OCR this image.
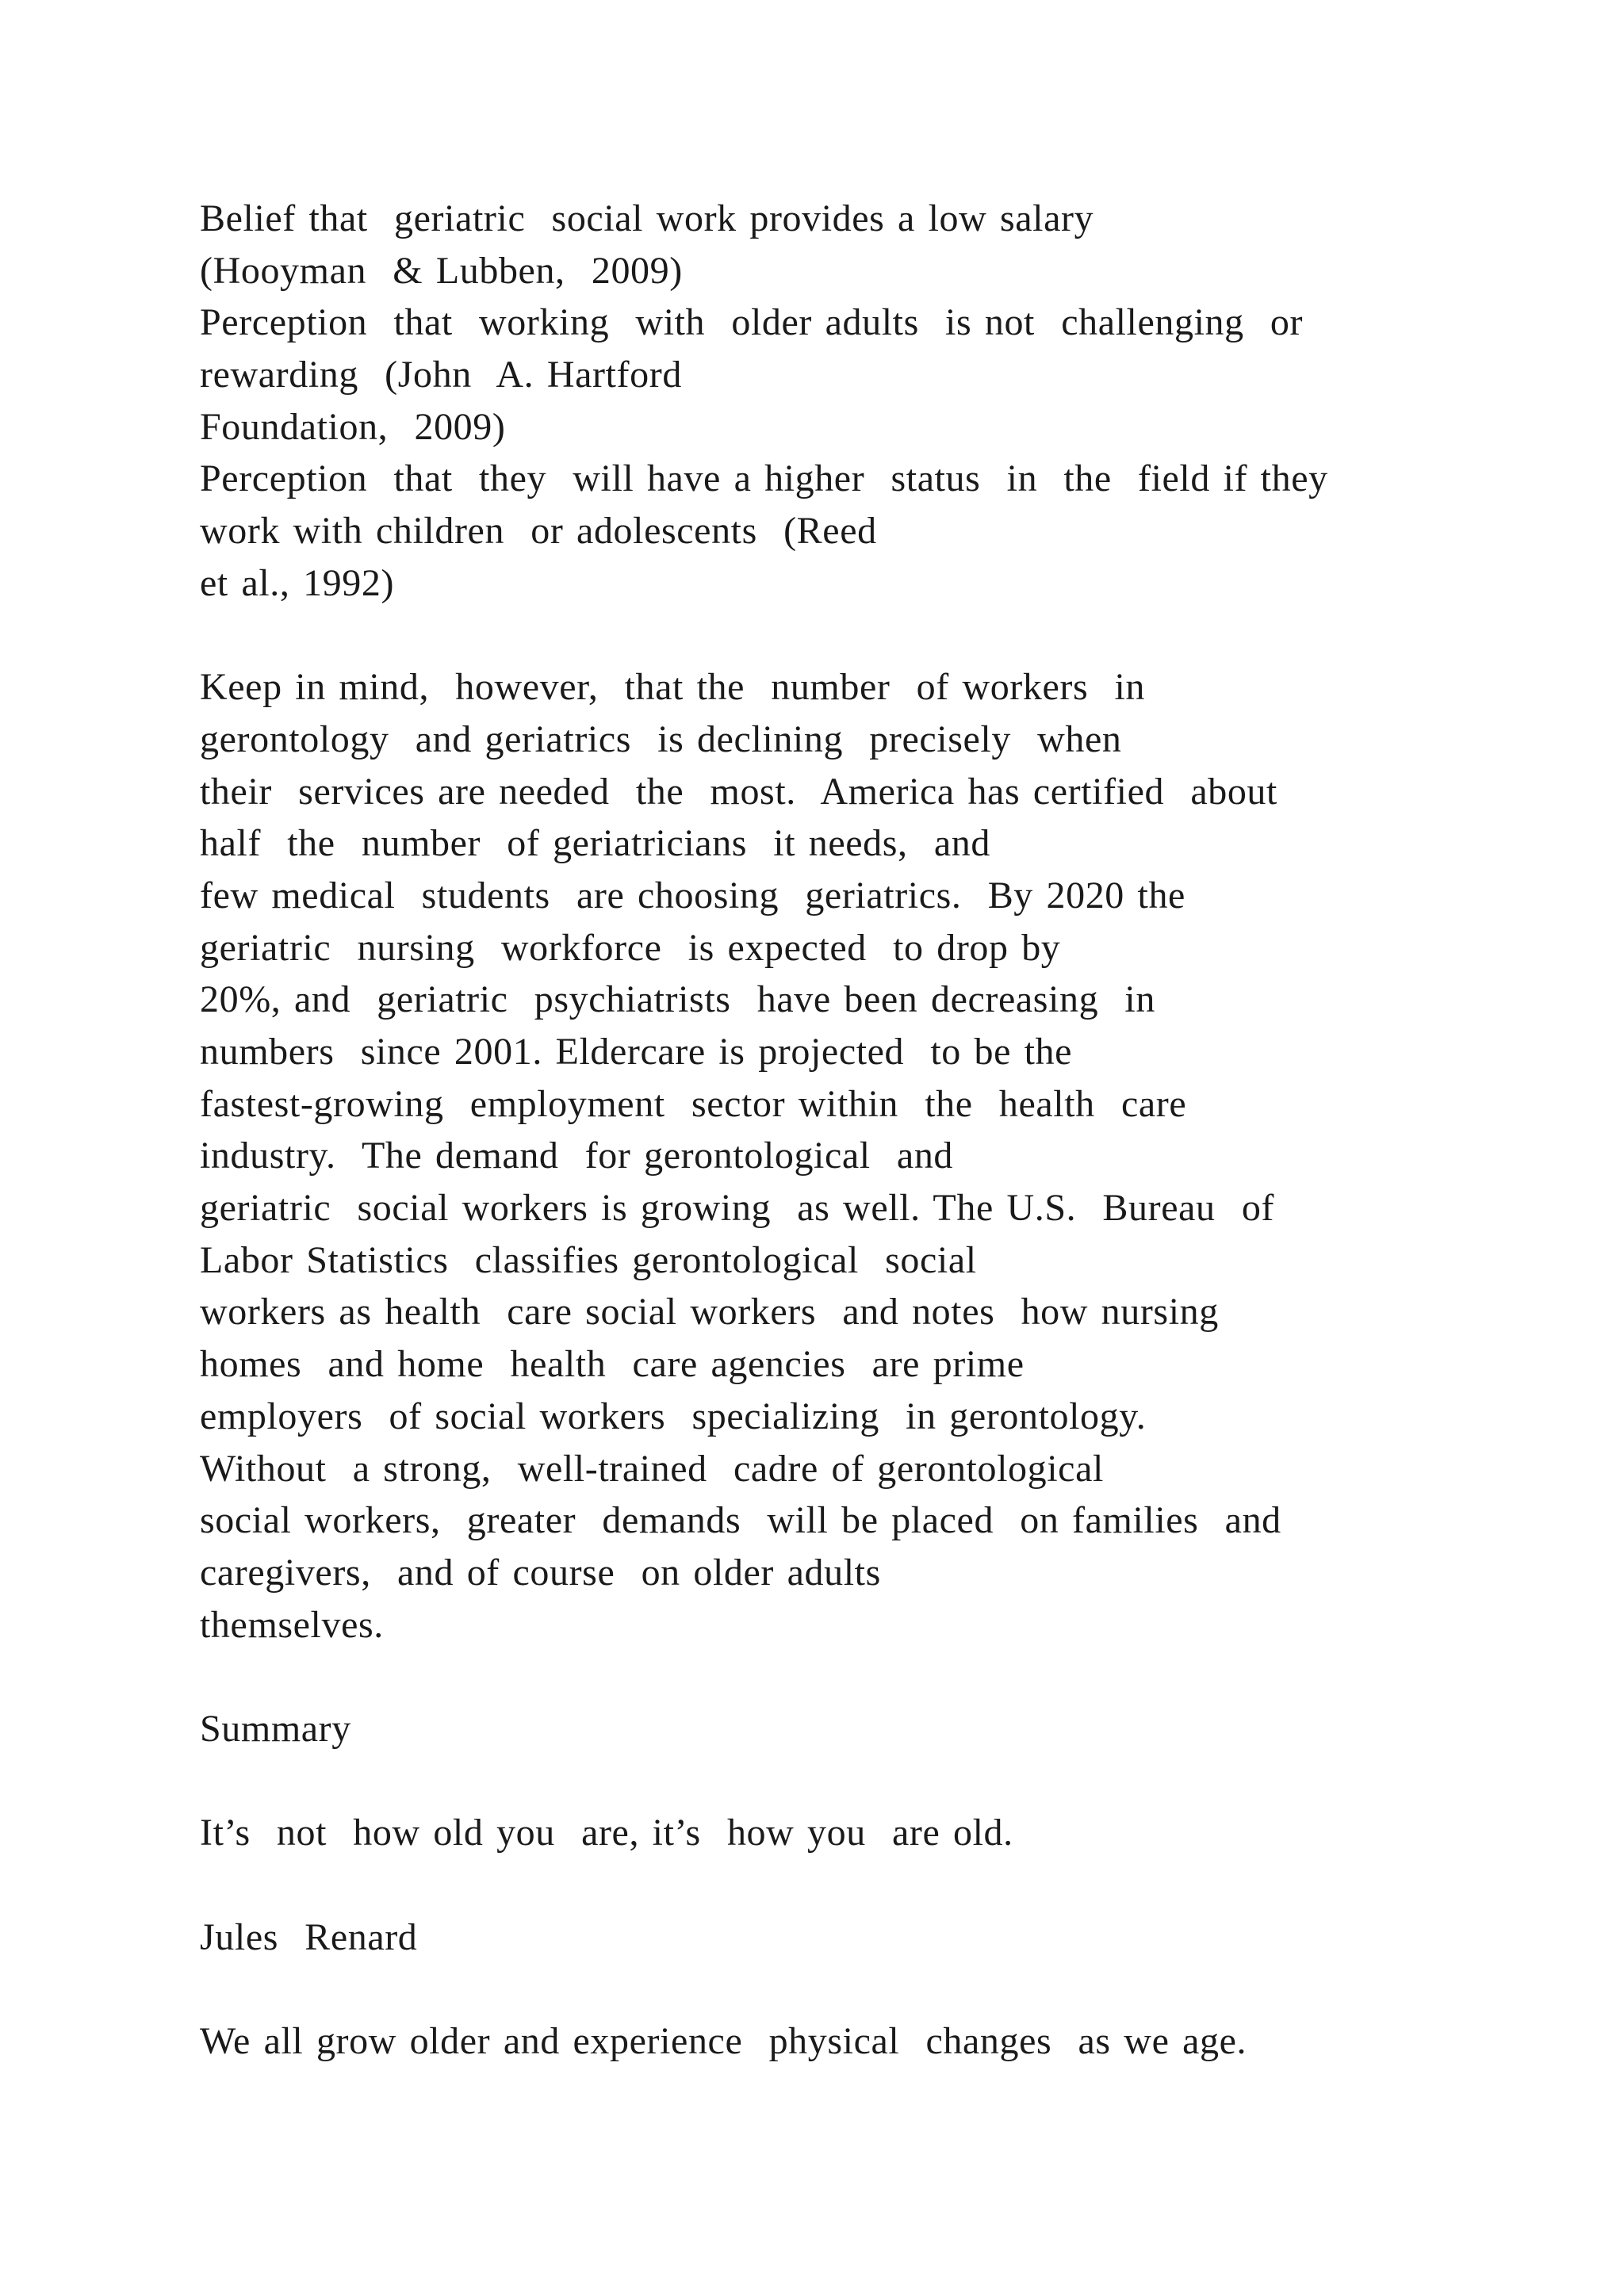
Belief that  geriatric  social work provides a low salary
(Hooyman  & Lubben,  2009)
Perception  that  working  with  older adults  is not  challenging  or
rewarding  (John  A. Hartford
Foundation,  2009)
Perception  that  they  will have a higher  status  in  the  field if they
work with children  or adolescents  (Reed
et al., 1992)
Keep in mind,  however,  that the  number  of workers  in
gerontology  and geriatrics  is declining  precisely  when
their  services are needed  the  most.  America has certified  about
half  the  number  of geriatricians  it needs,  and
few medical  students  are choosing  geriatrics.  By 2020 the
geriatric  nursing  workforce  is expected  to drop by
20%, and  geriatric  psychiatrists  have been decreasing  in
numbers  since 2001. Eldercare is projected  to be the
fastest-growing  employment  sector within  the  health  care
industry.  The demand  for gerontological  and
geriatric  social workers is growing  as well. The U.S.  Bureau  of
Labor Statistics  classifies gerontological  social
workers as health  care social workers  and notes  how nursing
homes  and home  health  care agencies  are prime
employers  of social workers  specializing  in gerontology.
Without  a strong,  well-trained  cadre of gerontological
social workers,  greater  demands  will be placed  on families  and
caregivers,  and of course  on older adults
themselves.
Summary
It’s  not  how old you  are, it’s  how you  are old.
Jules  Renard
We all grow older and experience  physical  changes  as we age.
